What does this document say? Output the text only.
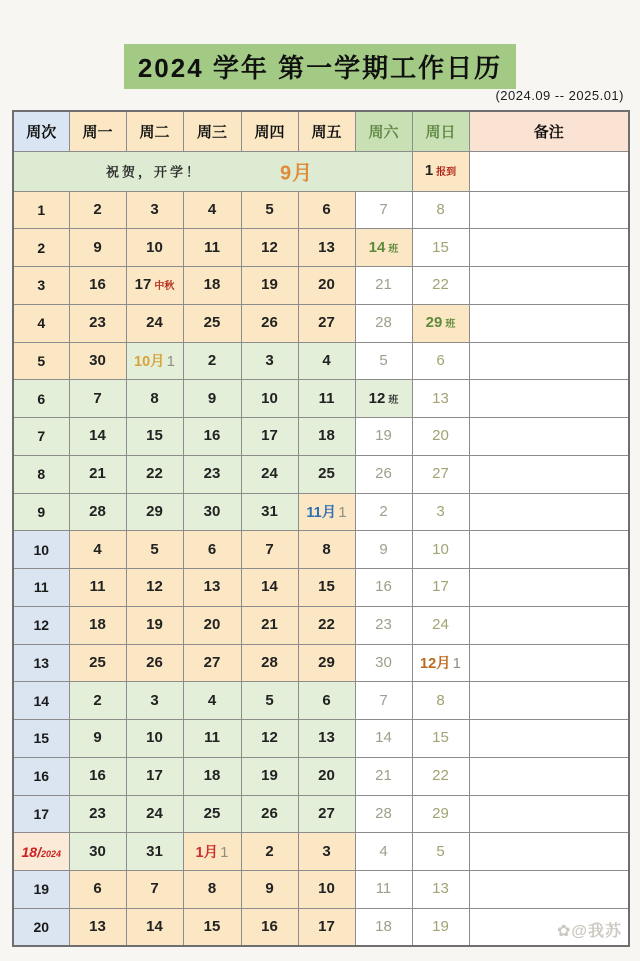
2024 学年 第一学期工作日历
(2024.09 -- 2025.01)
周次	周一	周二	周三	周四	周五	周六	周日	备注

祝贺，开学！ 9月							1 报到	
1	2	3	4	5	6	7	8	
2	9	10	11	12	13	14 班	15	
3	16	17 中秋	18	19	20	21	22	
4	23	24	25	26	27	28	29 班	
5	30	10月 1	2	3	4	5	6	
6	7	8	9	10	11	12 班	13	
7	14	15	16	17	18	19	20	
8	21	22	23	24	25	26	27	
9	28	29	30	31	11月 1	2	3	
10	4	5	6	7	8	9	10	
11	11	12	13	14	15	16	17	
12	18	19	20	21	22	23	24	
13	25	26	27	28	29	30	12月 1	
14	2	3	4	5	6	7	8	
15	9	10	11	12	13	14	15	
16	16	17	18	19	20	21	22	
17	23	24	25	26	27	28	29	
18/2024	30	31	1月 1	2	3	4	5	
19	6	7	8	9	10	11	13	
20	13	14	15	16	17	18	19		✿@我苏
